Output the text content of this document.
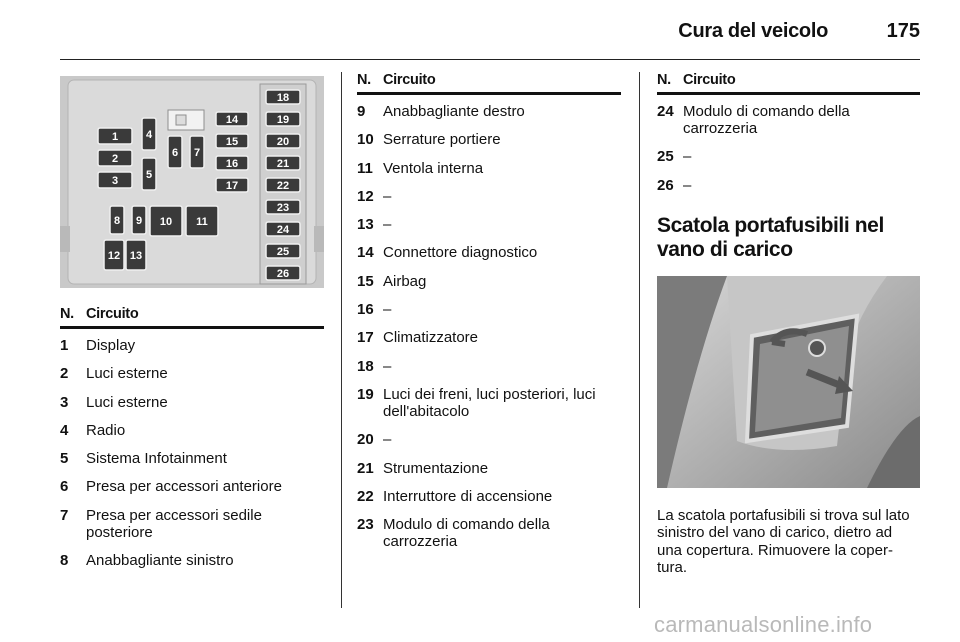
Cura del veicolo	175
1
2
3
4
5
6 7
8 9 10 11
12 13
14
15
16
17
18
19
20
21
22
23
24
25
26
N. Circuito
1	Display
2	Luci esterne
3	Luci esterne
4	Radio
5	Sistema Infotainment
6	Presa per accessori anteriore
7	Presa per accessori sedile posteriore
8	Anabbagliante sinistro
N. Circuito
9	Anabbagliante destro
10 Serrature portiere
11 Ventola interna
12 –
13 –
14 Connettore diagnostico
15 Airbag
16 –
17 Climatizzatore
18 –
19 Luci dei freni, luci posteriori, luci dell'abitacolo
20 –
21 Strumentazione
22 Interruttore di accensione
23 Modulo di comando della carrozzeria
N. Circuito
24 Modulo di comando della carrozzeria
25 –
26 –
Scatola portafusibili nel vano di carico
La scatola portafusibili si trova sul lato sinistro del vano di carico, dietro ad una copertura. Rimuovere la coper-tura.
carmanualsonline.info
